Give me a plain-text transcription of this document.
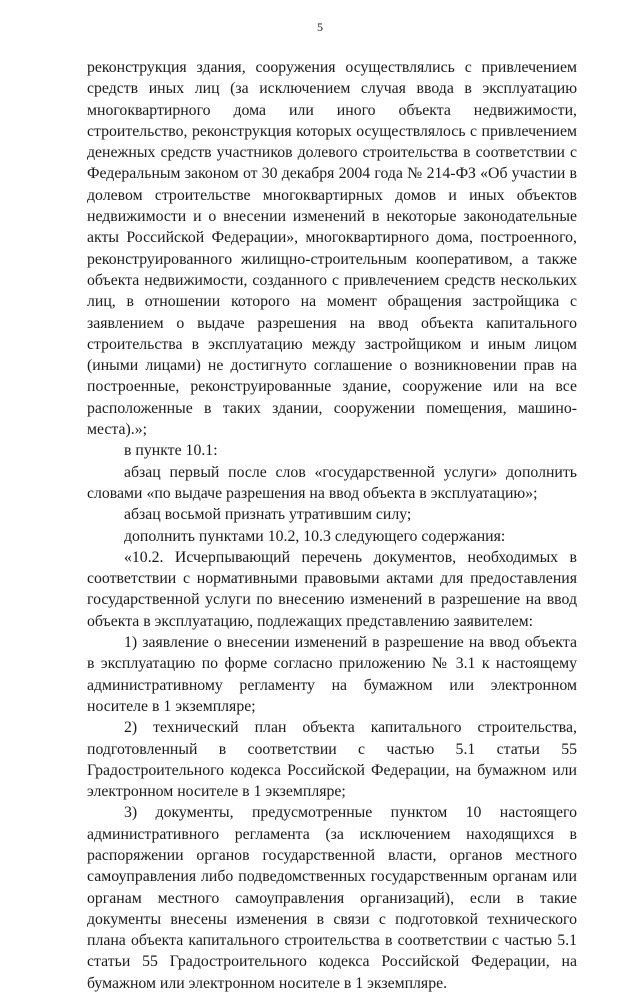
5

реконструкция здания, сооружения осуществлялись с привлечением средств иных лиц (за исключением случая ввода в эксплуатацию многоквартирного дома или иного объекта недвижимости, строительство, реконструкция которых осуществлялось с привлечением денежных средств участников долевого строительства в соответствии с Федеральным законом от 30 декабря 2004 года № 214-ФЗ «Об участии в долевом строительстве многоквартирных домов и иных объектов недвижимости и о внесении изменений в некоторые законодательные акты Российской Федерации», многоквартирного дома, построенного, реконструированного жилищно-строительным кооперативом, а также объекта недвижимости, созданного с привлечением средств нескольких лиц, в отношении которого на момент обращения застройщика с заявлением о выдаче разрешения на ввод объекта капитального строительства в эксплуатацию между застройщиком и иным лицом (иными лицами) не достигнуто соглашение о возникновении прав на построенные, реконструированные здание, сооружение или на все расположенные в таких здании, сооружении помещения, машино-места).»;

в пункте 10.1:

абзац первый после слов «государственной услуги» дополнить словами «по выдаче разрешения на ввод объекта в эксплуатацию»;

абзац восьмой признать утратившим силу;

дополнить пунктами 10.2, 10.3 следующего содержания:

«10.2. Исчерпывающий перечень документов, необходимых в соответствии с нормативными правовыми актами для предоставления государственной услуги по внесению изменений в разрешение на ввод объекта в эксплуатацию, подлежащих представлению заявителем:

1) заявление о внесении изменений в разрешение на ввод объекта в эксплуатацию по форме согласно приложению № 3.1 к настоящему административному регламенту на бумажном или электронном носителе в 1 экземпляре;

2) технический план объекта капитального строительства, подготовленный в соответствии с частью 5.1 статьи 55 Градостроительного кодекса Российской Федерации, на бумажном или электронном носителе в 1 экземпляре;

3) документы, предусмотренные пунктом 10 настоящего административного регламента (за исключением находящихся в распоряжении органов государственной власти, органов местного самоуправления либо подведомственных государственным органам или органам местного самоуправления организаций), если в такие документы внесены изменения в связи с подготовкой технического плана объекта капитального строительства в соответствии с частью 5.1 статьи 55 Градостроительного кодекса Российской Федерации, на бумажном или электронном носителе в 1 экземпляре.
